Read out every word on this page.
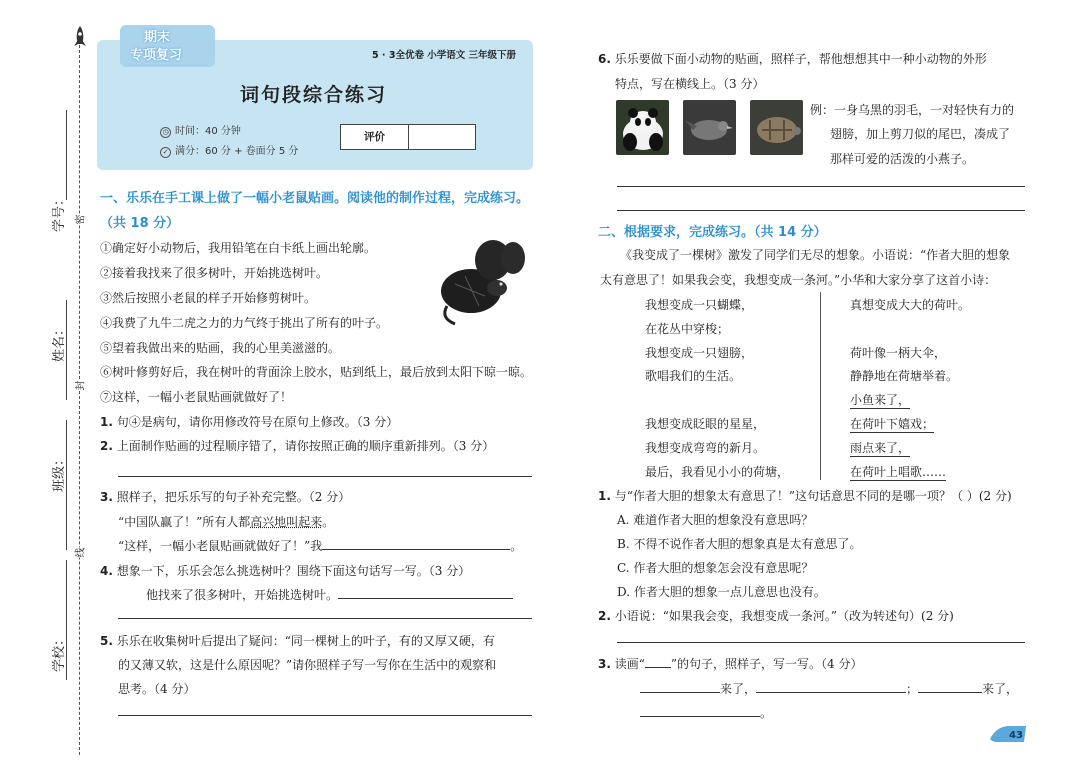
学号：
姓名：
班级：
学校：
密
封
线
期末
专项复习	5 · 3全优卷 小学语文 三年级下册
词句段综合练习
◷ 时间：40 分钟
✓ 满分：60 分 + 卷面分 5 分
评价
一、乐乐在手工课上做了一幅小老鼠贴画。阅读他的制作过程，完成练习。
（共 18 分）
①确定好小动物后，我用铅笔在白卡纸上画出轮廓。
②接着我找来了很多树叶，开始挑选树叶。
③然后按照小老鼠的样子开始修剪树叶。
④我费了九牛二虎之力的力气终于挑出了所有的叶子。
⑤望着我做出来的贴画，我的心里美滋滋的。
⑥树叶修剪好后，我在树叶的背面涂上胶水，贴到纸上，最后放到太阳下晾一晾。
⑦这样，一幅小老鼠贴画就做好了！
1. 句④是病句，请你用修改符号在原句上修改。（3 分）
2. 上面制作贴画的过程顺序错了，请你按照正确的顺序重新排列。（3 分）
3. 照样子，把乐乐写的句子补充完整。（2 分）
“中国队赢了！”所有人都高兴地叫起来。
“这样，一幅小老鼠贴画就做好了！”我	。
4. 想象一下，乐乐会怎么挑选树叶？围绕下面这句话写一写。（3 分）
他找来了很多树叶，开始挑选树叶。
5. 乐乐在收集树叶后提出了疑问：“同一棵树上的叶子，有的又厚又硬，有
的又薄又软，这是什么原因呢？”请你照样子写一写你在生活中的观察和
思考。（4 分）
6. 乐乐要做下面小动物的贴画，照样子，帮他想想其中一种小动物的外形
特点，写在横线上。（3 分）
例：一身乌黑的羽毛，一对轻快有力的
翅膀，加上剪刀似的尾巴，凑成了
那样可爱的活泼的小燕子。
二、根据要求，完成练习。（共 14 分）
《我变成了一棵树》激发了同学们无尽的想象。小语说：“作者大胆的想象
太有意思了！如果我会变，我想变成一条河。”小华和大家分享了这首小诗：
我想变成一只蝴蝶，
在花丛中穿梭；
我想变成一只翅膀，
歌唱我们的生活。
我想变成眨眼的星星，
我想变成弯弯的新月。
最后，我看见小小的荷塘，
真想变成大大的荷叶。
荷叶像一柄大伞，
静静地在荷塘举着。
小鱼来了，
在荷叶下嬉戏；
雨点来了，
在荷叶上唱歌……
1. 与“作者大胆的想象太有意思了！”这句话意思不同的是哪一项？（ ）(2 分)
A. 难道作者大胆的想象没有意思吗？
B. 不得不说作者大胆的想象真是太有意思了。
C. 作者大胆的想象怎会没有意思呢？
D. 作者大胆的想象一点儿意思也没有。
2. 小语说：“如果我会变，我想变成一条河。”（改为转述句）(2 分)
3. 读画“ ”的句子，照样子，写一写。（4 分）
来了，	；	来了，
。
43
